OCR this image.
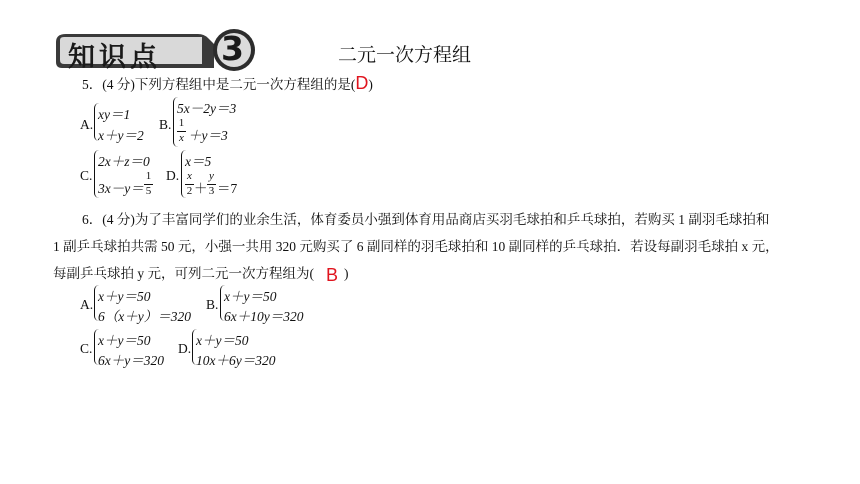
知识点 3	二元一次方程组
5．(4 分)下列方程组中是二元一次方程组的是(D)
A.
xy＝1
x＋y＝2
B.
5x－2y＝3
1
x ＋y＝3
C.
2x＋z＝0
3x－y＝
1
5
D.
x＝5
x
2 ＋
y
3 ＝7
6．(4 分)为了丰富同学们的业余生活，体育委员小强到体育用品商店买羽毛球拍和乒乓球拍，若购买 1 副羽毛球拍和
1 副乒乓球拍共需 50 元，小强一共用 320 元购买了 6 副同样的羽毛球拍和 10 副同样的乒乓球拍．若设每副羽毛球拍 x 元，
每副乒乓球拍 y 元，可列二元一次方程组为( B )
A.
x＋y＝50
6（x＋y）＝320
B.
x＋y＝50
6x＋10y＝320
C.
x＋y＝50
6x＋y＝320
D.
x＋y＝50
10x＋6y＝320
